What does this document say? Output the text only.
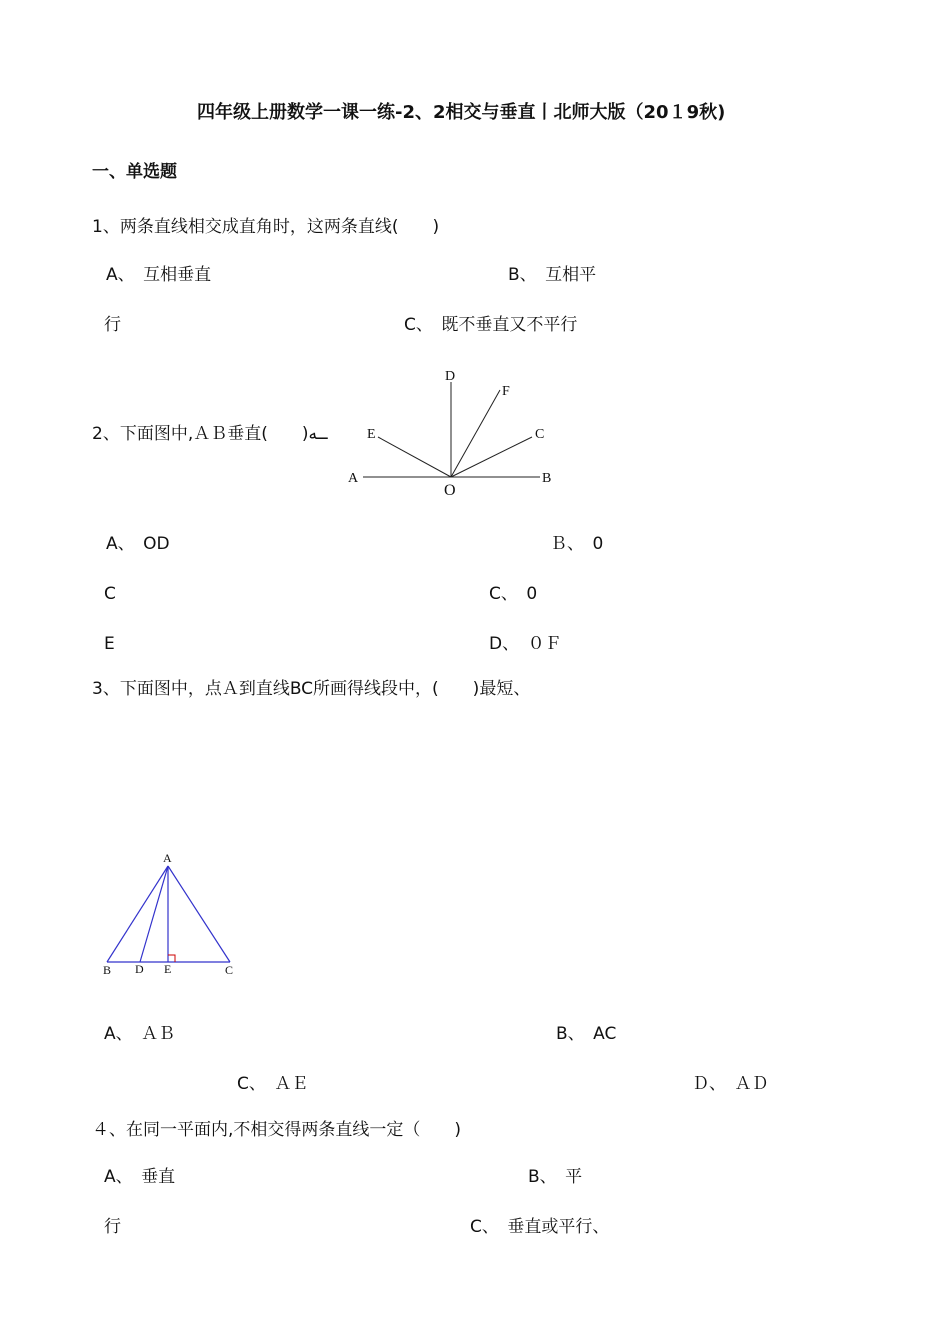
四年级上册数学一课一练-2、2相交与垂直丨北师大版（20１9秋)
一、单选题
1、两条直线相交成直角时，这两条直线(　　)
A、　互相垂直	B、　互相平
行	C、　既不垂直又不平行
2、下面图中,ＡＢ垂直(　　)ــه
D
F
E	C
A
O
B
A、　OD	Ｂ、　0
C	C、　0
E	D、　０Ｆ
3、下面图中，点Ａ到直线BC所画得线段中，(　　)最短、
A
B D E	C
A、　ＡＢ	B、　AC
C、　ＡＥ	Ｄ、　ＡＤ
４、在同一平面内,不相交得两条直线一定（　　)
A、　垂直	B、　平
行	C、　垂直或平行、
